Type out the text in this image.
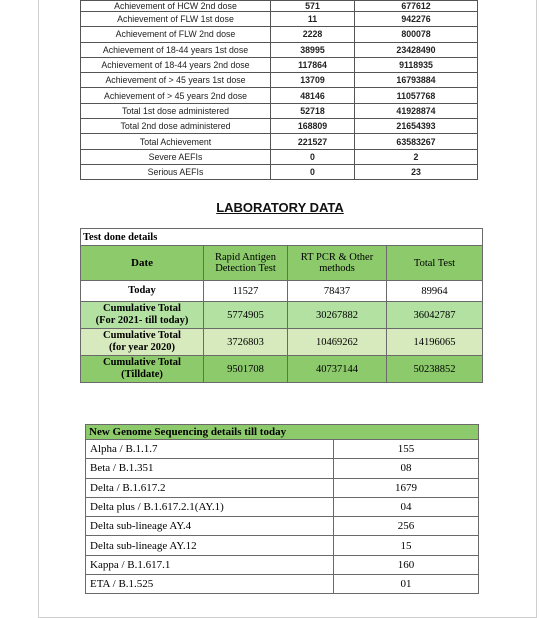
Achievement of HCW 2nd dose	571	677612
Achievement of FLW 1st dose	11	942276
Achievement of FLW 2nd dose	2228	800078
Achievement of 18-44 years 1st dose	38995	23428490
Achievement of 18-44 years 2nd dose	117864	9118935
Achievement of > 45 years 1st dose	13709	16793884
Achievement of > 45 years 2nd dose	48146	11057768
Total 1st dose administered	52718	41928874
Total 2nd dose administered	168809	21654393
Total Achievement	221527	63583267
Severe AEFIs	0	2
Serious AEFIs	0	23
LABORATORY DATA
Test done details			
Date	Rapid Antigen Detection Test	RT PCR & Other methods	Total Test
Today	11527	78437	89964

Cumulative Total
(For 2021- till today)	5774905	30267882	36042787

Cumulative Total
(for year 2020)	3726803	10469262	14196065

Cumulative Total
(Tilldate)	9501708	40737144	50238852
New Genome Sequencing details till today	
Alpha / B.1.1.7	155
Beta / B.1.351	08
Delta / B.1.617.2	1679
Delta plus / B.1.617.2.1(AY.1)	04
Delta sub-lineage AY.4	256
Delta sub-lineage AY.12	15
Kappa / B.1.617.1	160
ETA / B.1.525	01
